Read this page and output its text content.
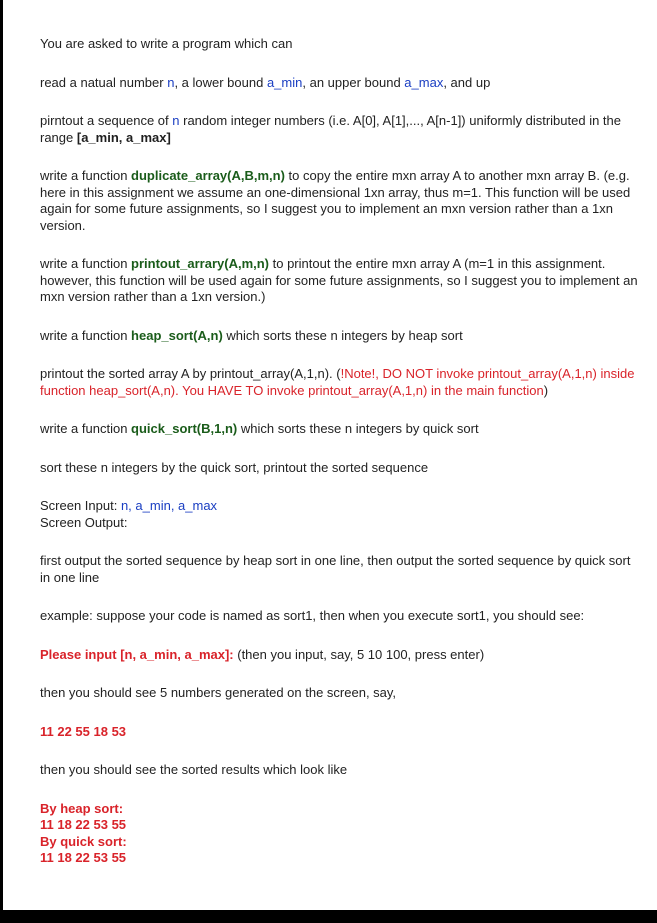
You are asked to write a program which can

read a natual number n, a lower bound a_min, an upper bound a_max, and up

pirntout a sequence of n random integer numbers (i.e. A[0], A[1],..., A[n-1]) uniformly distributed in the range [a_min, a_max]

write a function duplicate_array(A,B,m,n) to copy the entire mxn array A to another mxn array B. (e.g. here in this assignment we assume an one-dimensional 1xn array, thus m=1. This function will be used again for some future assignments, so I suggest you to implement an mxn version rather than a 1xn version.

write a function printout_arrary(A,m,n) to printout the entire mxn array A (m=1 in this assignment. however, this function will be used again for some future assignments, so I suggest you to implement an mxn version rather than a 1xn version.)

write a function heap_sort(A,n) which sorts these n integers by heap sort

printout the sorted array A by printout_array(A,1,n). (!Note!, DO NOT invoke printout_array(A,1,n) inside function heap_sort(A,n). You HAVE TO invoke printout_array(A,1,n) in the main function)

write a function quick_sort(B,1,n) which sorts these n integers by quick sort

sort these n integers by the quick sort, printout the sorted sequence

Screen Input: n, a_min, a_max
Screen Output:

first output the sorted sequence by heap sort in one line, then output the sorted sequence by quick sort in one line

example: suppose your code is named as sort1, then when you execute sort1, you should see:

Please input [n, a_min, a_max]: (then you input, say, 5 10 100, press enter)

then you should see 5 numbers generated on the screen, say,

11 22 55 18 53

then you should see the sorted results which look like

By heap sort:
11 18 22 53 55
By quick sort:
11 18 22 53 55
